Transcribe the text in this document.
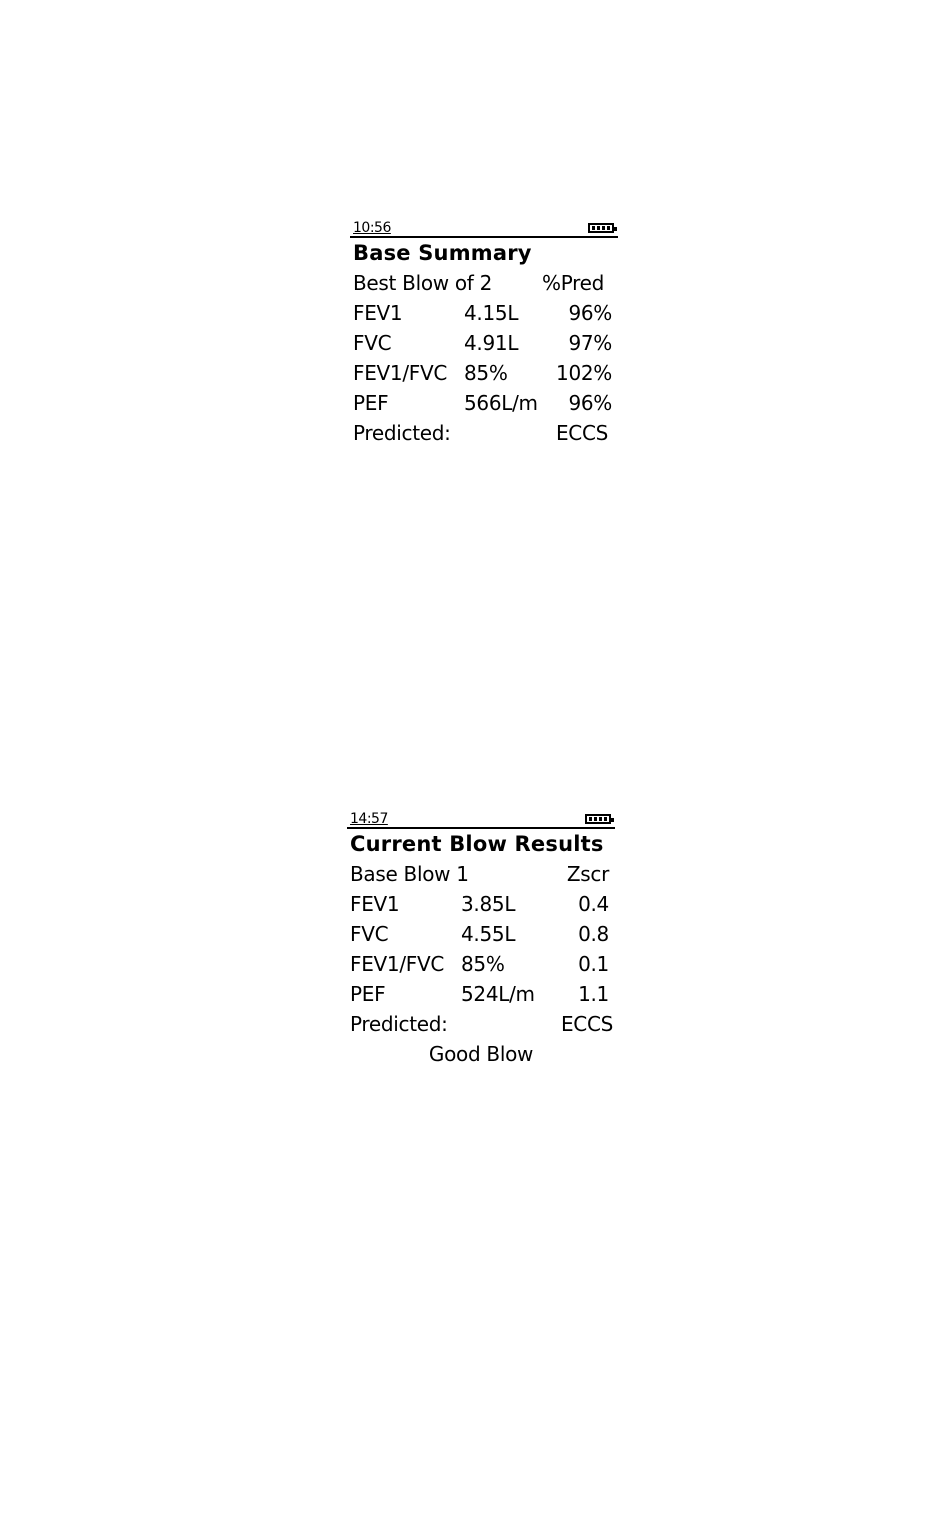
10:56
Base Summary
Best Blow of 2 %Pred
FEV1	4.15L	96%
FVC	4.91L	97%
FEV1/FVC 85% 102%
PEF	566L/m 96%
Predicted:	ECCS
14:57
Current Blow Results
Base Blow 1	Zscr
FEV1	3.85L	0.4
FVC	4.55L	0.8
FEV1/FVC 85%	0.1
PEF	524L/m 1.1
Predicted:	ECCS
Good Blow
